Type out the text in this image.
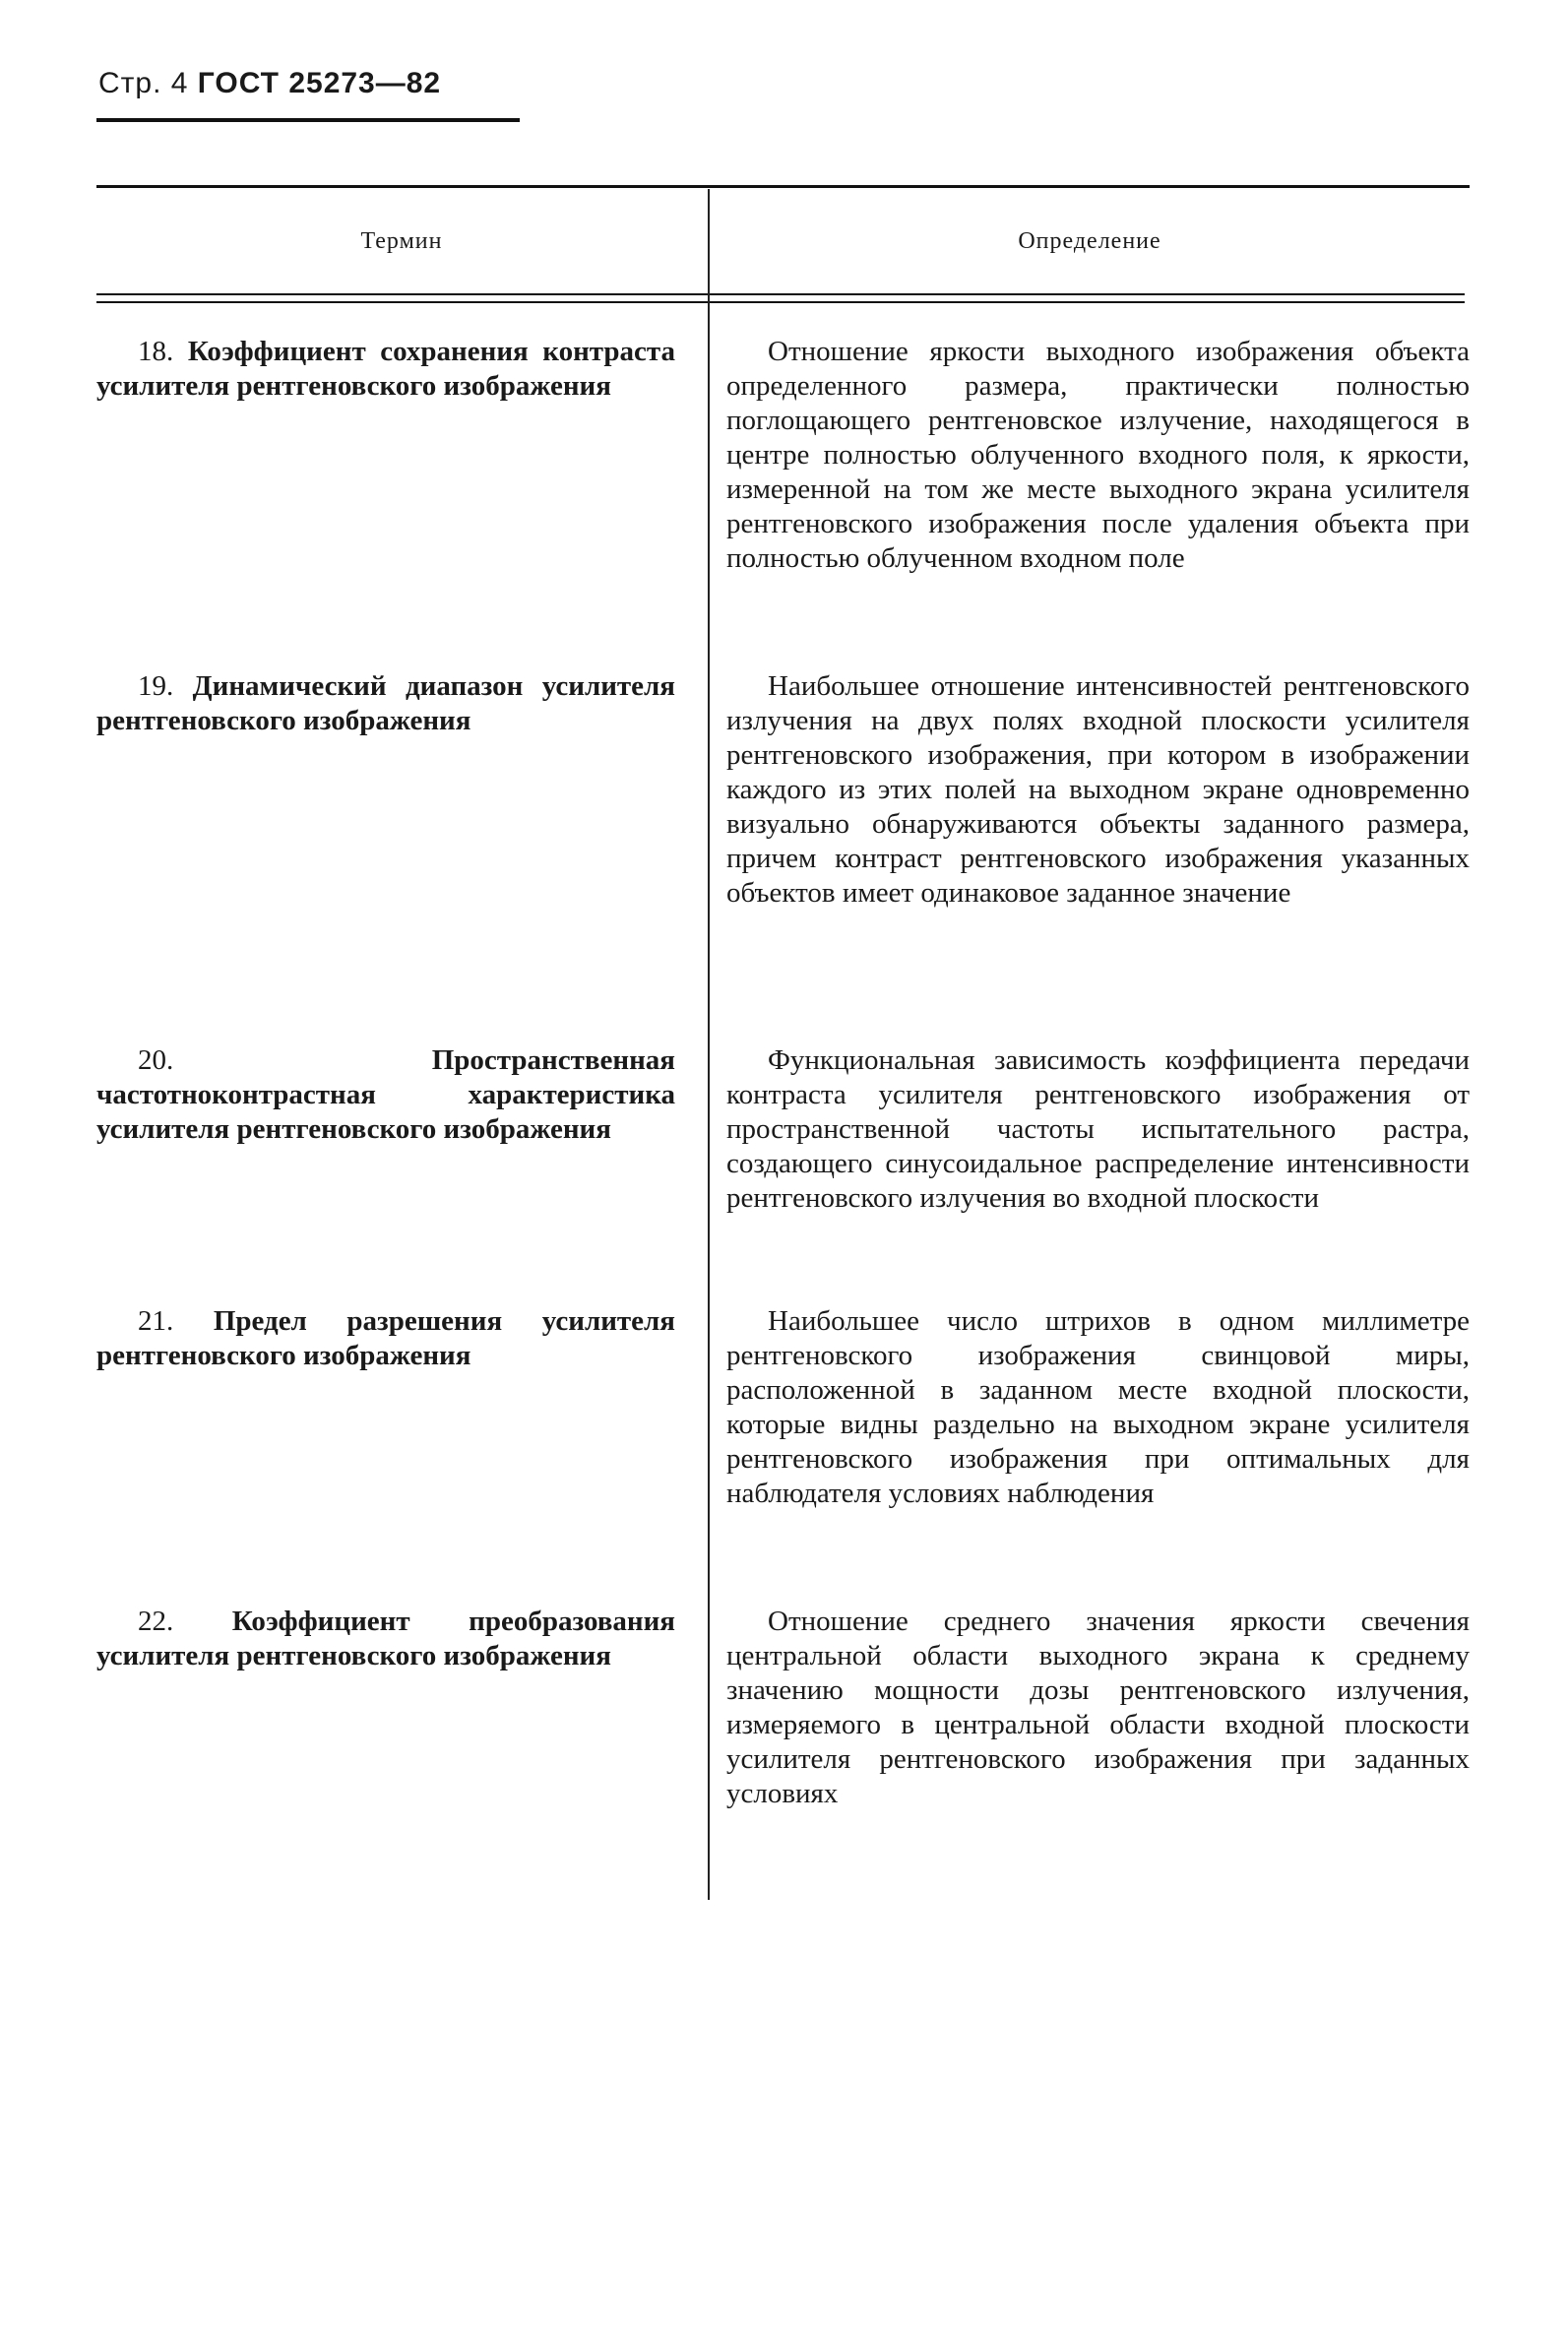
Стр. 4 ГОСТ 25273—82
Термин	Определение
18. Коэффициент сохранения контраста усилителя рентгеновского изображения
Отношение яркости выходного изображения объекта определенного размера, практически полностью поглощающего рентгеновское излучение, находящегося в центре полностью облученного входного поля, к яркости, измеренной на том же месте выходного экрана усилителя рентгеновского изображения после удаления объекта при полностью облученном входном поле
19. Динамический диапазон усилителя рентгеновского изображения
Наибольшее отношение интенсивностей рентгеновского излучения на двух полях входной плоскости усилителя рентгеновского изображения, при котором в изображении каждого из этих полей на выходном экране одновременно визуально обнаруживаются объекты заданного размера, причем контраст рентгеновского изображения указанных объектов имеет одинаковое заданное значение
20.	Пространственная частотноконтрастная характеристика усилителя рентгеновского изображения
Функциональная зависимость коэффициента передачи контраста усилителя рентгеновского изображения от пространственной частоты испытательного растра, создающего синусоидальное распределение интенсивности рентгеновского излучения во входной плоскости
21. Предел разрешения усилителя рентгеновского изображения
Наибольшее число штрихов в одном миллиметре рентгеновского изображения свинцовой миры, расположенной в заданном месте входной плоскости, которые видны раздельно на выходном экране усилителя рентгеновского изображения при оптимальных для наблюдателя условиях наблюдения
22. Коэффициент преобразования усилителя рентгеновского изображения
Отношение среднего значения яркости свечения центральной области выходного экрана к среднему значению мощности дозы рентгеновского излучения, измеряемого в центральной области входной плоскости усилителя рентгеновского изображения при заданных условиях
